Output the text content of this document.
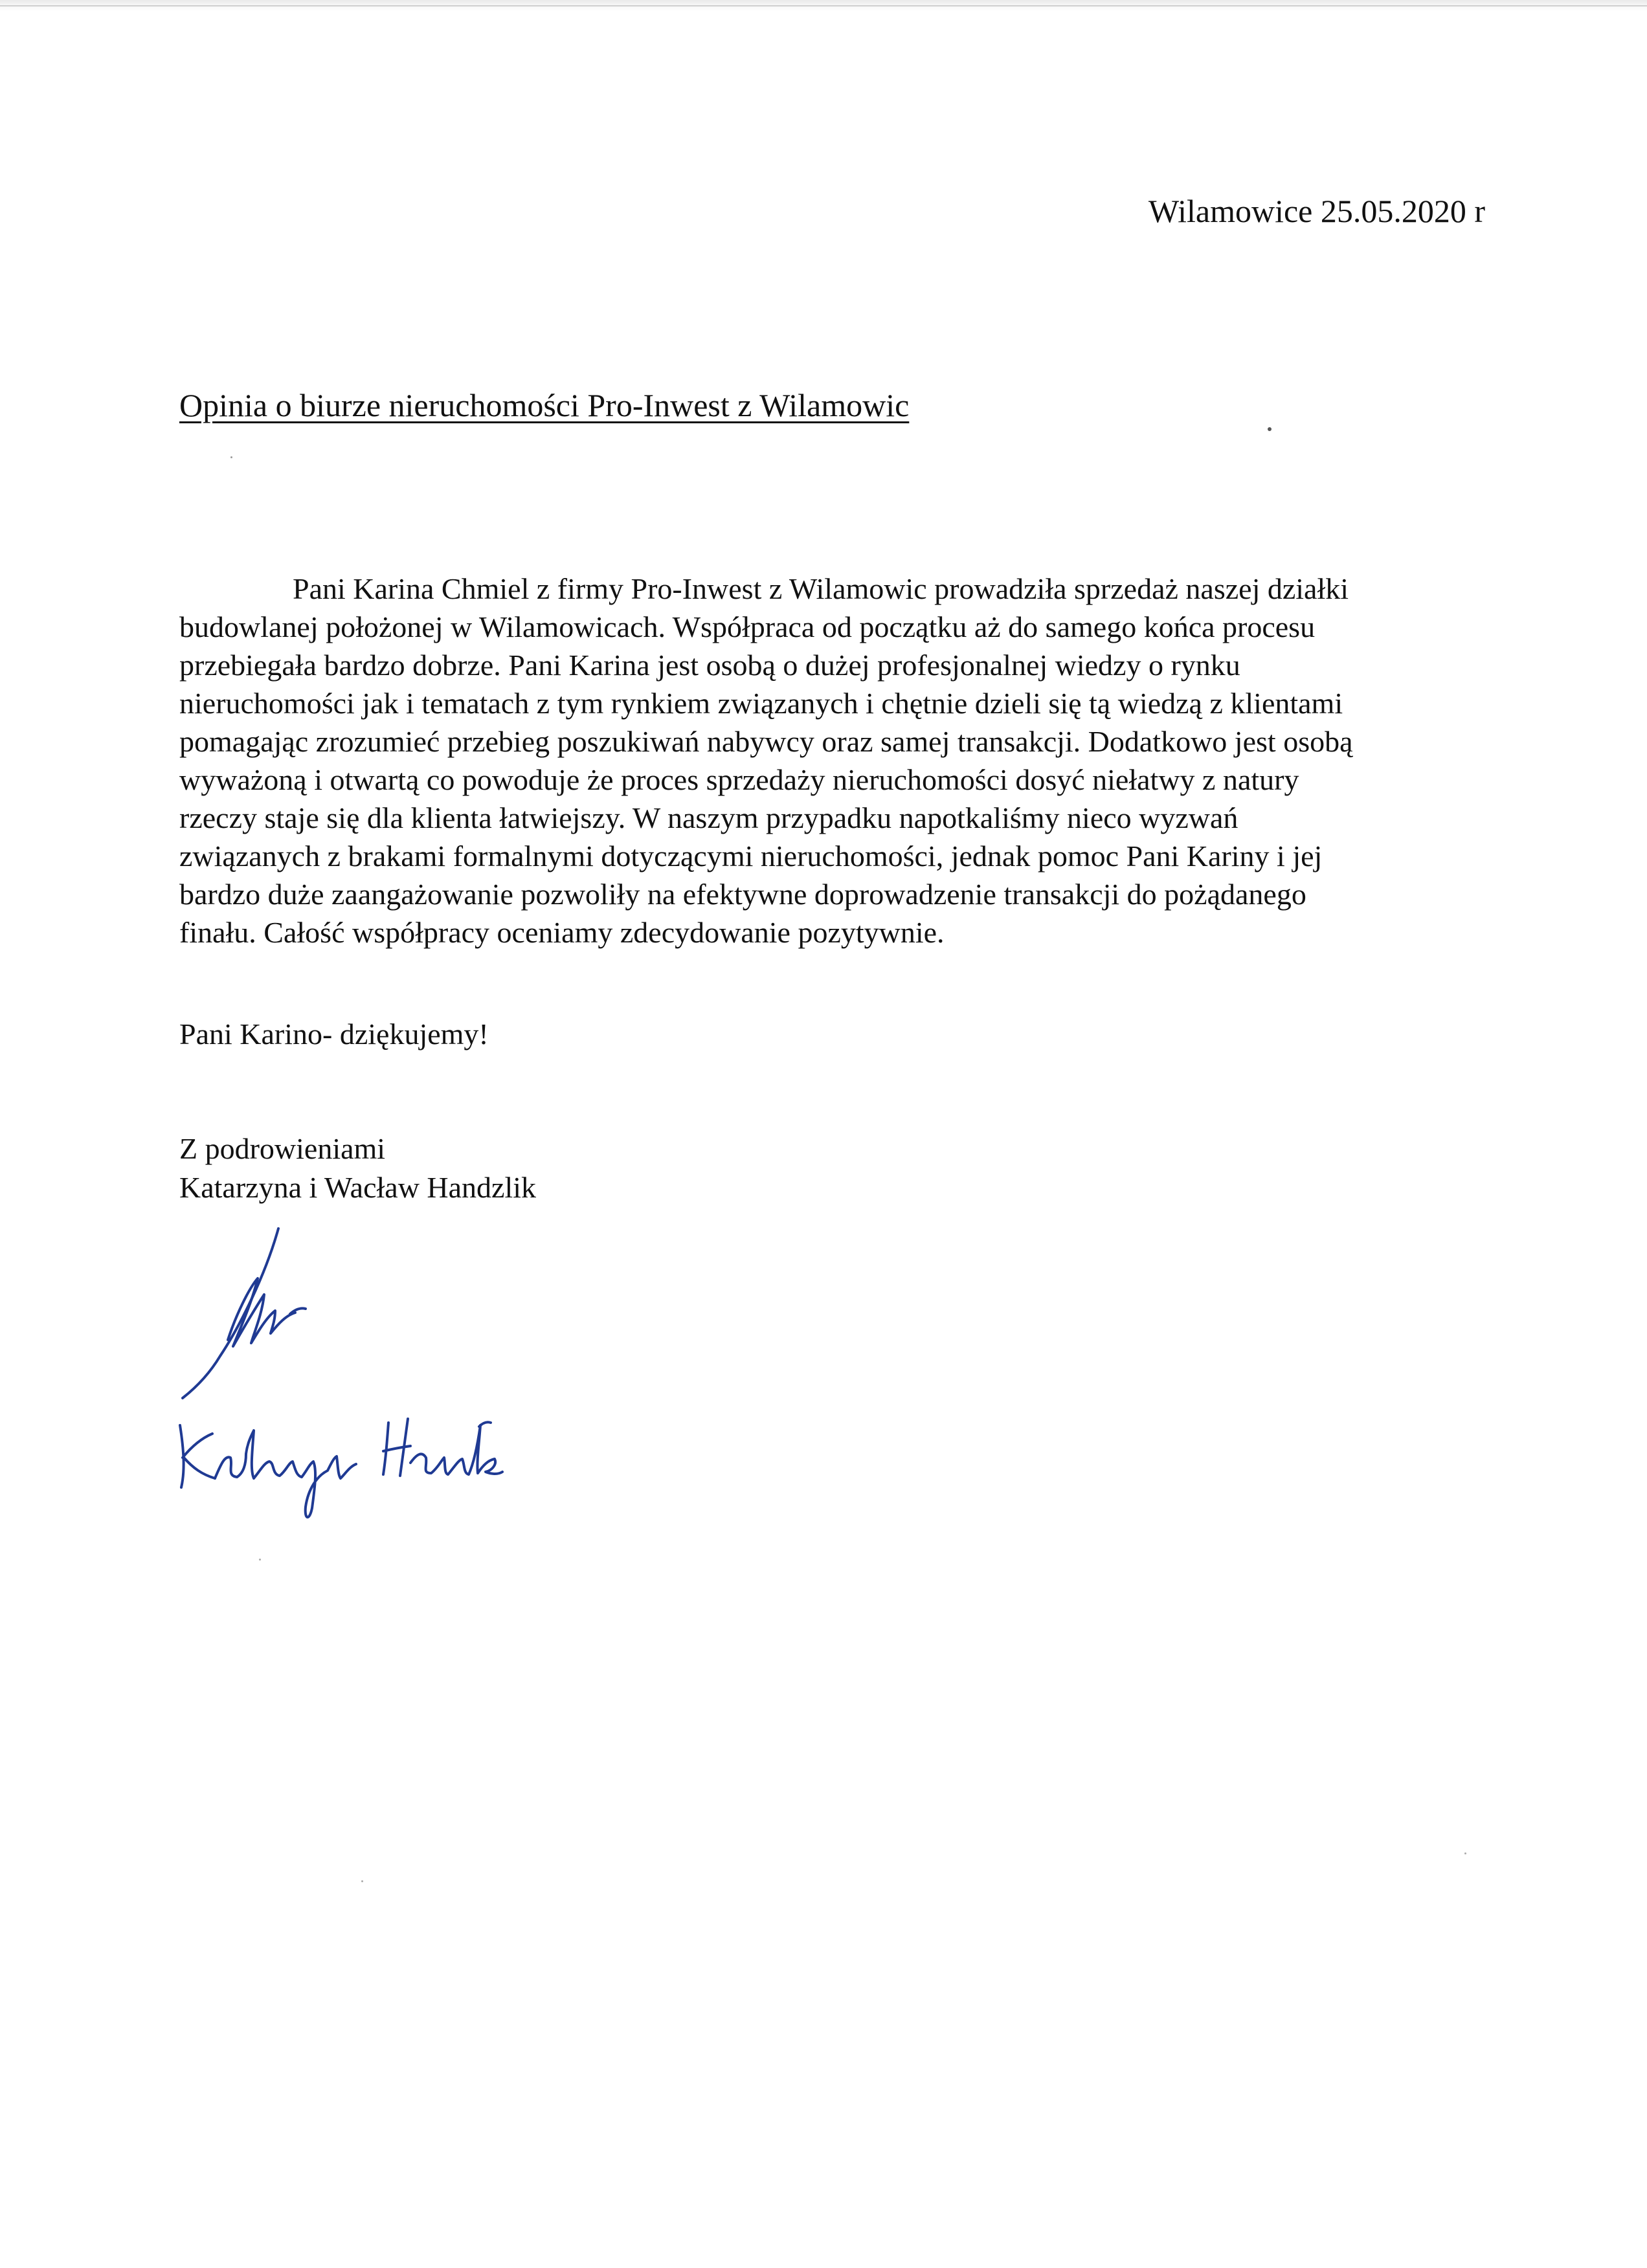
Wilamowice 25.05.2020 r
Opinia o biurze nieruchomości Pro-Inwest z Wilamowic
Pani Karina Chmiel z firmy Pro-Inwest z Wilamowic prowadziła sprzedaż naszej działki
budowlanej położonej w Wilamowicach. Współpraca od początku aż do samego końca procesu
przebiegała bardzo dobrze. Pani Karina jest osobą o dużej profesjonalnej wiedzy o rynku
nieruchomości jak i tematach z tym rynkiem związanych i chętnie dzieli się tą wiedzą z klientami
pomagając zrozumieć przebieg poszukiwań nabywcy oraz samej transakcji. Dodatkowo jest osobą
wyważoną i otwartą co powoduje że proces sprzedaży nieruchomości dosyć niełatwy z natury
rzeczy staje się dla klienta łatwiejszy. W naszym przypadku napotkaliśmy nieco wyzwań
związanych z brakami formalnymi dotyczącymi nieruchomości, jednak pomoc Pani Kariny i jej
bardzo duże zaangażowanie pozwoliły na efektywne doprowadzenie transakcji do pożądanego
finału. Całość współpracy oceniamy zdecydowanie pozytywnie.
Pani Karino- dziękujemy!
Z podrowieniami
Katarzyna i Wacław Handzlik
